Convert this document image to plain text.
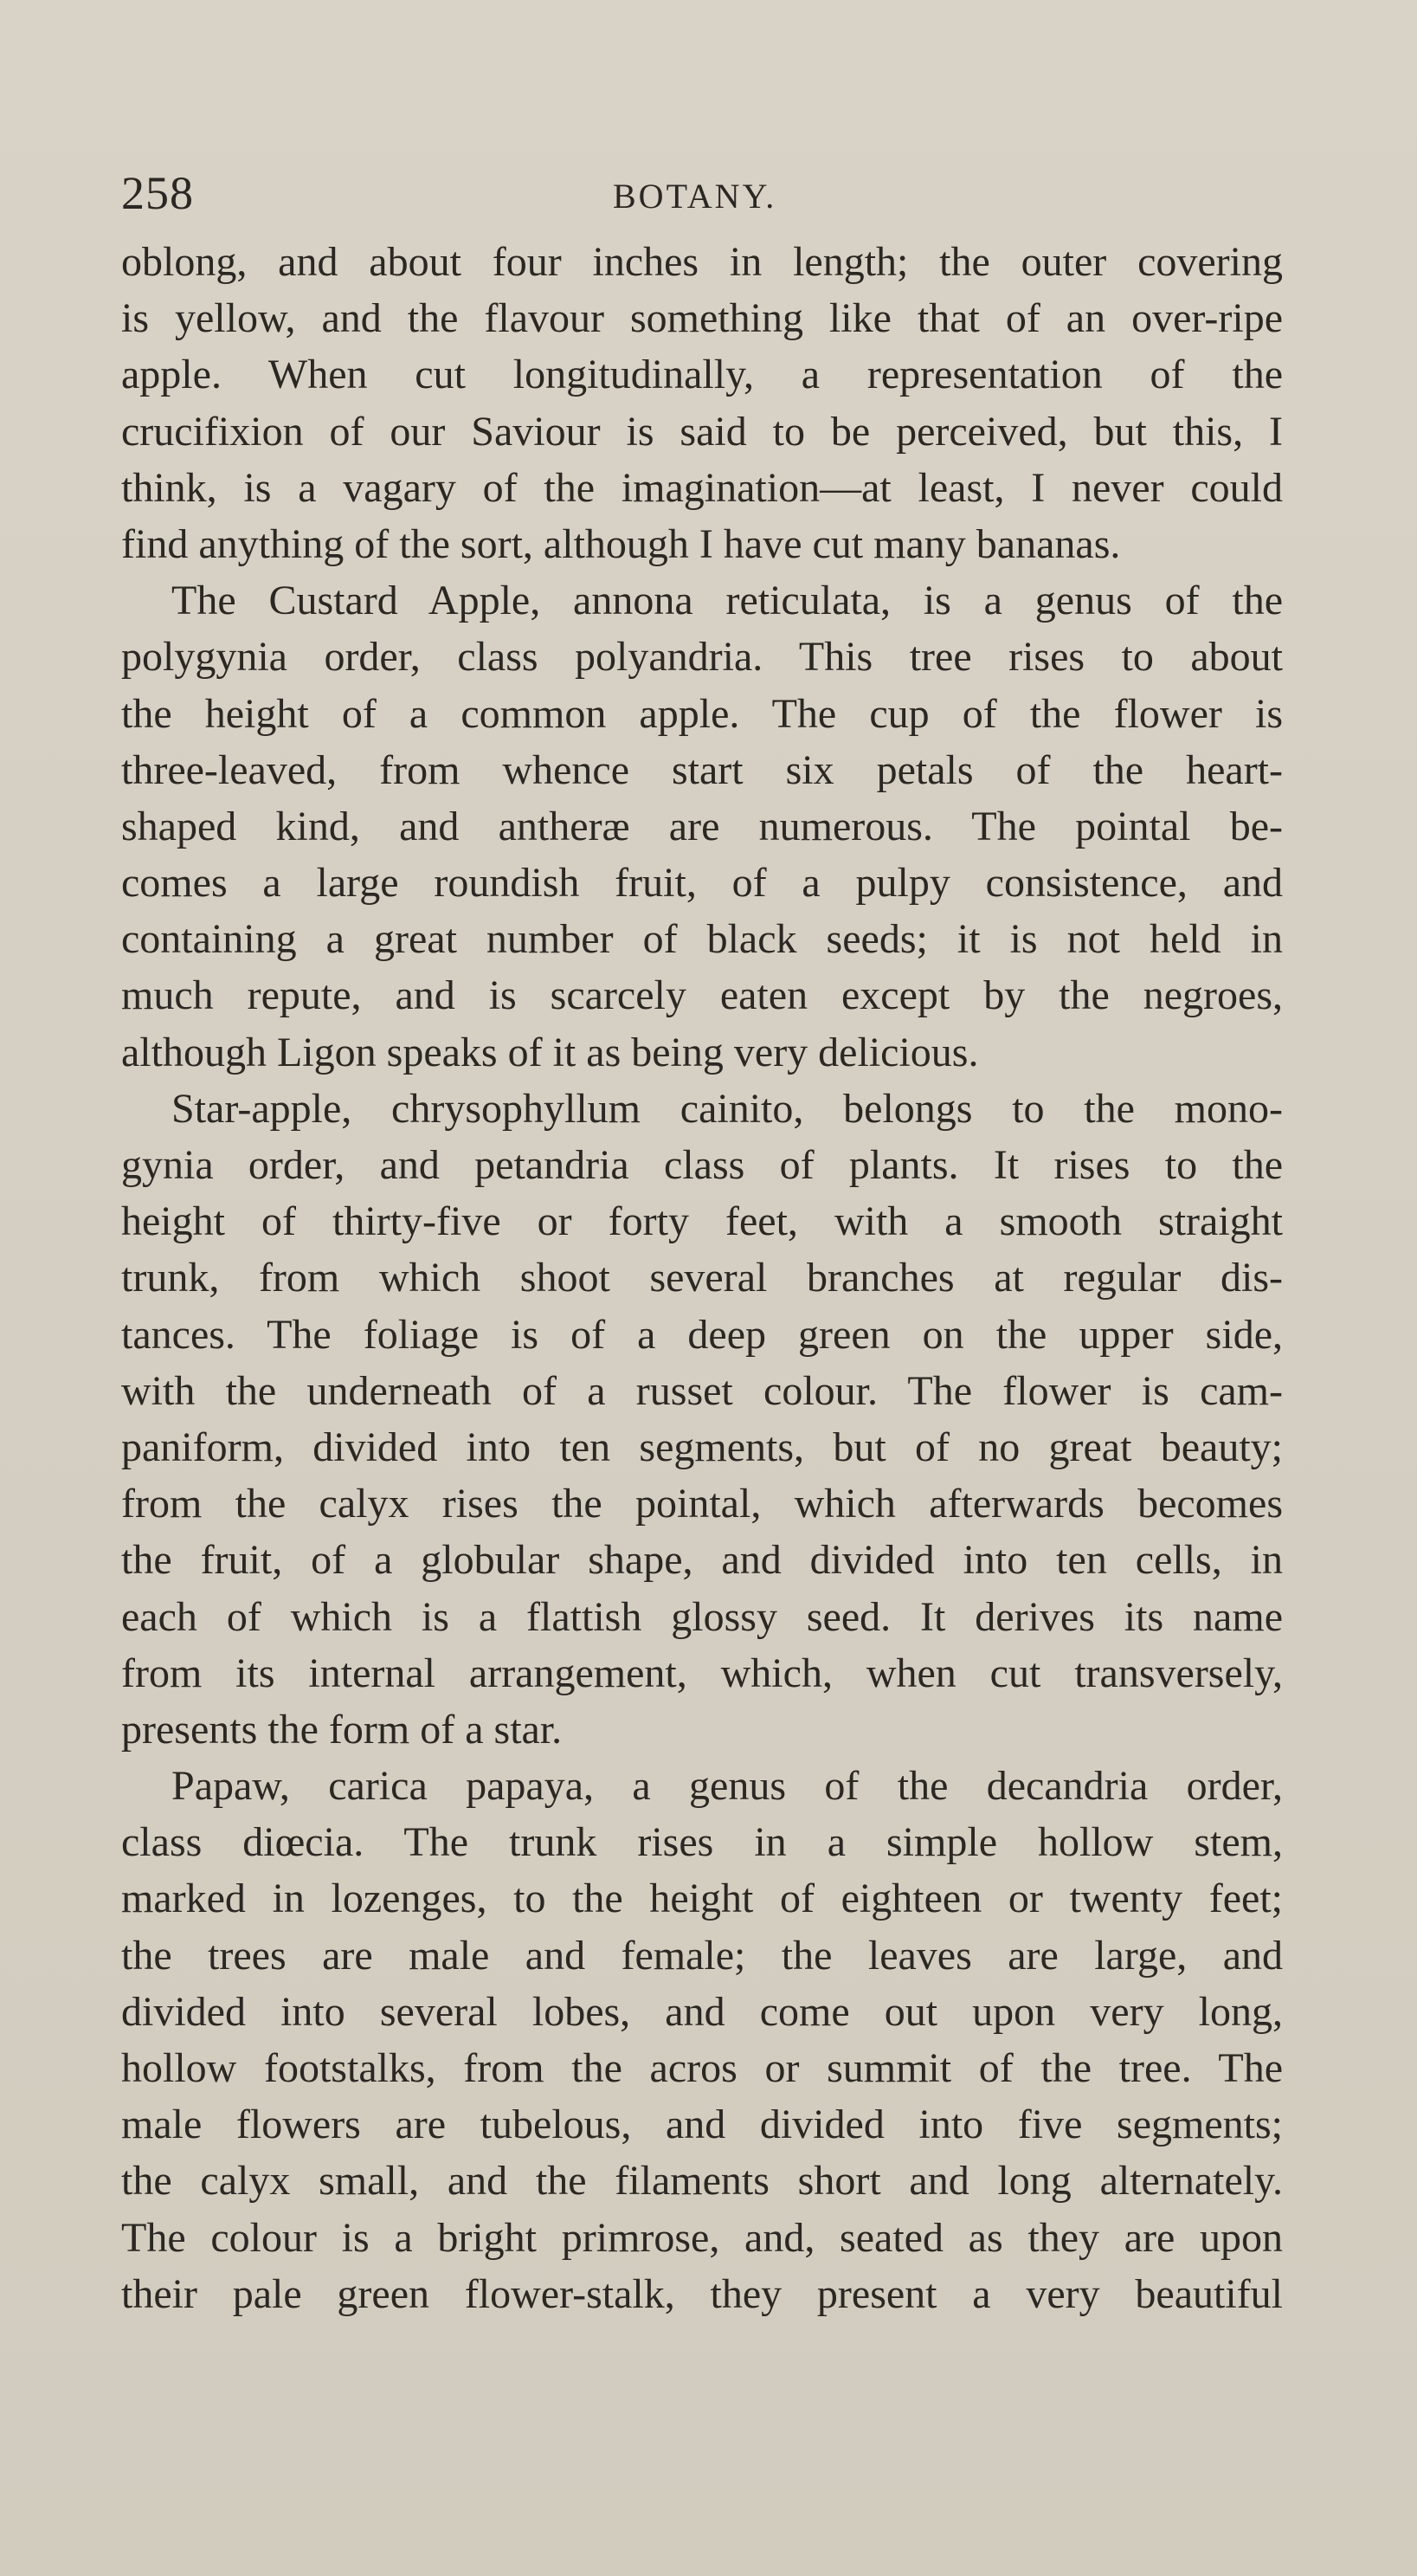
258	BOTANY.
oblong, and about four inches in length; the outer covering
is yellow, and the flavour something like that of an over-ripe
apple. When cut longitudinally, a representation of the
crucifixion of our Saviour is said to be perceived, but this, I
think, is a vagary of the imagination—at least, I never could
find anything of the sort, although I have cut many bananas.
The Custard Apple, annona reticulata, is a genus of the
polygynia order, class polyandria. This tree rises to about
the height of a common apple. The cup of the flower is
three-leaved, from whence start six petals of the heart-
shaped kind, and antheræ are numerous. The pointal be-
comes a large roundish fruit, of a pulpy consistence, and
containing a great number of black seeds; it is not held in
much repute, and is scarcely eaten except by the negroes,
although Ligon speaks of it as being very delicious.
Star-apple, chrysophyllum cainito, belongs to the mono-
gynia order, and petandria class of plants. It rises to the
height of thirty-five or forty feet, with a smooth straight
trunk, from which shoot several branches at regular dis-
tances. The foliage is of a deep green on the upper side,
with the underneath of a russet colour. The flower is cam-
paniform, divided into ten segments, but of no great beauty;
from the calyx rises the pointal, which afterwards becomes
the fruit, of a globular shape, and divided into ten cells, in
each of which is a flattish glossy seed. It derives its name
from its internal arrangement, which, when cut transversely,
presents the form of a star.
Papaw, carica papaya, a genus of the decandria order,
class diœcia. The trunk rises in a simple hollow stem,
marked in lozenges, to the height of eighteen or twenty feet;
the trees are male and female; the leaves are large, and
divided into several lobes, and come out upon very long,
hollow footstalks, from the acros or summit of the tree. The
male flowers are tubelous, and divided into five segments;
the calyx small, and the filaments short and long alternately.
The colour is a bright primrose, and, seated as they are upon
their pale green flower-stalk, they present a very beautiful
